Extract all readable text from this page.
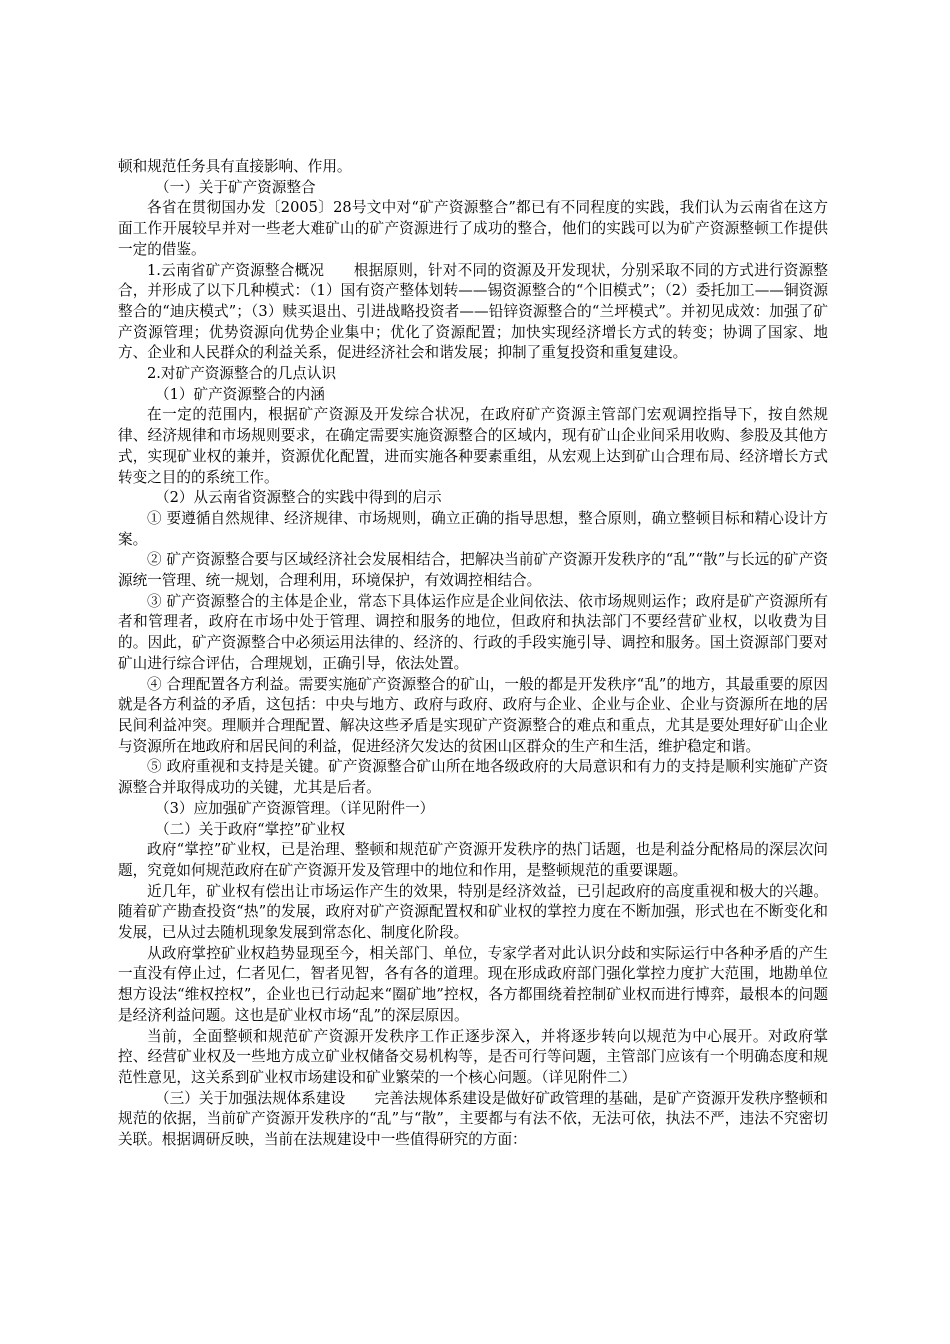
顿和规范任务具有直接影响、作用。

（一）关于矿产资源整合

各省在贯彻国办发〔2005〕28号文中对“矿产资源整合”都已有不同程度的实践，我们认为云南省在这方面工作开展较早并对一些老大难矿山的矿产资源进行了成功的整合，他们的实践可以为矿产资源整顿工作提供一定的借鉴。

1.云南省矿产资源整合概况　　根据原则，针对不同的资源及开发现状，分别采取不同的方式进行资源整合，并形成了以下几种模式：（1）国有资产整体划转——锡资源整合的“个旧模式”；（2）委托加工——铜资源整合的“迪庆模式”；（3）赎买退出、引进战略投资者——铅锌资源整合的“兰坪模式”。并初见成效：加强了矿产资源管理；优势资源向优势企业集中；优化了资源配置；加快实现经济增长方式的转变；协调了国家、地方、企业和人民群众的利益关系，促进经济社会和谐发展；抑制了重复投资和重复建设。

2.对矿产资源整合的几点认识

（1）矿产资源整合的内涵

在一定的范围内，根据矿产资源及开发综合状况，在政府矿产资源主管部门宏观调控指导下，按自然规律、经济规律和市场规则要求，在确定需要实施资源整合的区域内，现有矿山企业间采用收购、参股及其他方式，实现矿业权的兼并，资源优化配置，进而实施各种要素重组，从宏观上达到矿山合理布局、经济增长方式转变之目的的系统工作。

（2）从云南省资源整合的实践中得到的启示

① 要遵循自然规律、经济规律、市场规则，确立正确的指导思想，整合原则，确立整顿目标和精心设计方案。

② 矿产资源整合要与区域经济社会发展相结合，把解决当前矿产资源开发秩序的“乱”“散”与长远的矿产资源统一管理、统一规划，合理利用，环境保护，有效调控相结合。

③ 矿产资源整合的主体是企业，常态下具体运作应是企业间依法、依市场规则运作；政府是矿产资源所有者和管理者，政府在市场中处于管理、调控和服务的地位，但政府和执法部门不要经营矿业权，以收费为目的。因此，矿产资源整合中必须运用法律的、经济的、行政的手段实施引导、调控和服务。国土资源部门要对矿山进行综合评估，合理规划，正确引导，依法处置。

④ 合理配置各方利益。需要实施矿产资源整合的矿山，一般的都是开发秩序“乱”的地方，其最重要的原因就是各方利益的矛盾，这包括：中央与地方、政府与政府、政府与企业、企业与企业、企业与资源所在地的居民间利益冲突。理顺并合理配置、解决这些矛盾是实现矿产资源整合的难点和重点，尤其是要处理好矿山企业与资源所在地政府和居民间的利益，促进经济欠发达的贫困山区群众的生产和生活，维护稳定和谐。

⑤ 政府重视和支持是关键。矿产资源整合矿山所在地各级政府的大局意识和有力的支持是顺利实施矿产资源整合并取得成功的关键，尤其是后者。

（3）应加强矿产资源管理。（详见附件一）

（二）关于政府“掌控”矿业权

政府“掌控”矿业权，已是治理、整顿和规范矿产资源开发秩序的热门话题，也是利益分配格局的深层次问题，究竟如何规范政府在矿产资源开发及管理中的地位和作用，是整顿规范的重要课题。

近几年，矿业权有偿出让市场运作产生的效果，特别是经济效益，已引起政府的高度重视和极大的兴趣。随着矿产勘查投资“热”的发展，政府对矿产资源配置权和矿业权的掌控力度在不断加强，形式也在不断变化和发展，已从过去随机现象发展到常态化、制度化阶段。

从政府掌控矿业权趋势显现至今，相关部门、单位，专家学者对此认识分歧和实际运行中各种矛盾的产生一直没有停止过，仁者见仁，智者见智，各有各的道理。现在形成政府部门强化掌控力度扩大范围，地勘单位想方设法“维权控权”，企业也已行动起来“圈矿地”控权，各方都围绕着控制矿业权而进行博弈，最根本的问题是经济利益问题。这也是矿业权市场“乱”的深层原因。

当前，全面整顿和规范矿产资源开发秩序工作正逐步深入，并将逐步转向以规范为中心展开。对政府掌控、经营矿业权及一些地方成立矿业权储备交易机构等，是否可行等问题，主管部门应该有一个明确态度和规范性意见，这关系到矿业权市场建设和矿业繁荣的一个核心问题。（详见附件二）

（三）关于加强法规体系建设　　完善法规体系建设是做好矿政管理的基础，是矿产资源开发秩序整顿和规范的依据，当前矿产资源开发秩序的“乱”与“散”，主要都与有法不依，无法可依，执法不严，违法不究密切关联。根据调研反映，当前在法规建设中一些值得研究的方面：
